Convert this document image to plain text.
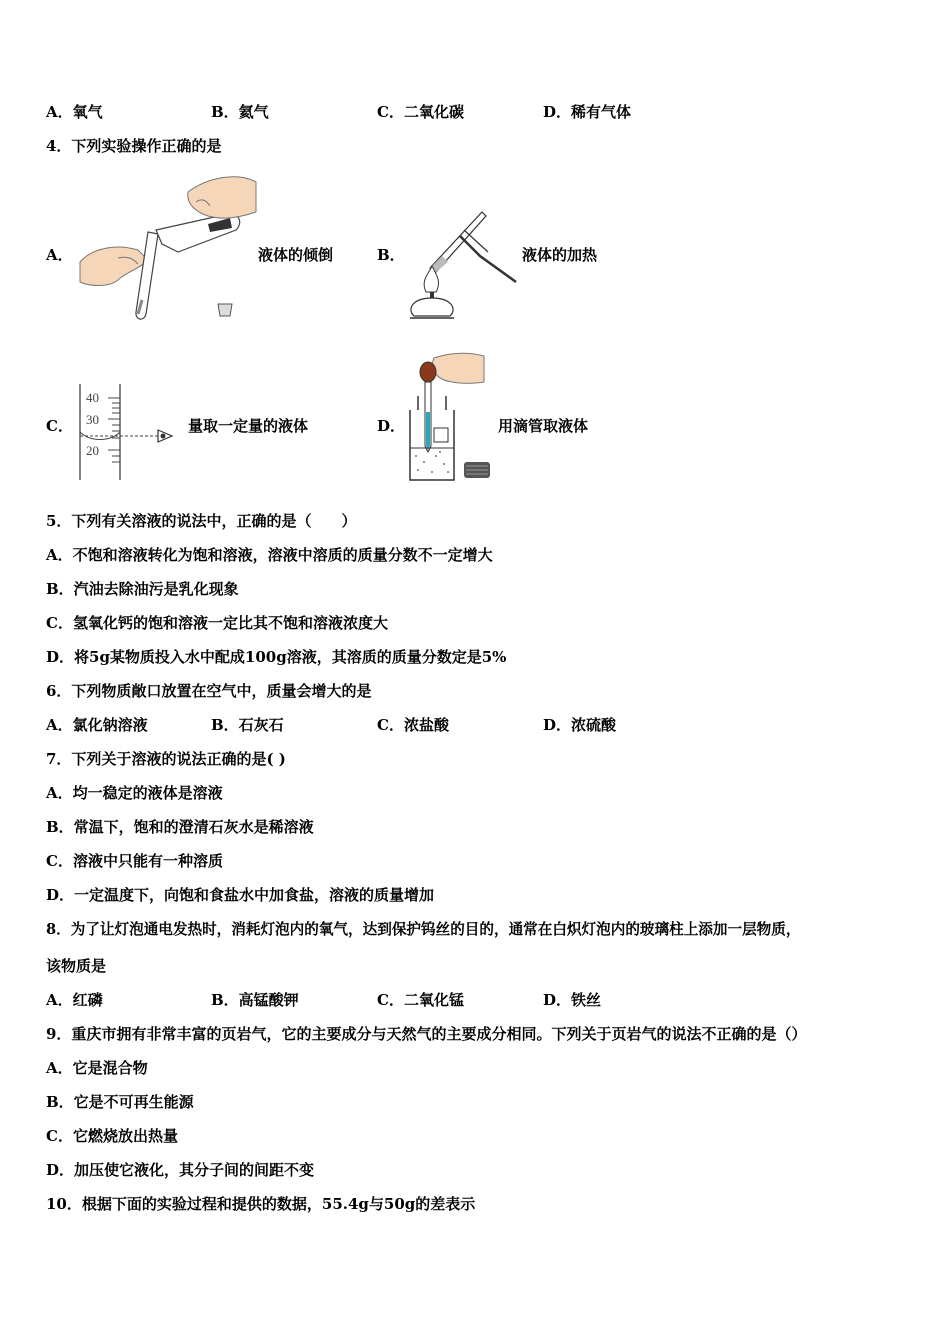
A．氧气	B．氦气	C．二氧化碳	D．稀有气体
4．下列实验操作正确的是
A．	液体的倾倒	B．	液体的加热
C．
40
30
20
量取一定量的液体	D．	用滴管取液体
5．下列有关溶液的说法中，正确的是（　　）
A．不饱和溶液转化为饱和溶液，溶液中溶质的质量分数不一定增大
B．汽油去除油污是乳化现象
C．氢氧化钙的饱和溶液一定比其不饱和溶液浓度大
D．将5g某物质投入水中配成100g溶液，其溶质的质量分数定是5%
6．下列物质敞口放置在空气中，质量会增大的是
A．氯化钠溶液	B．石灰石	C．浓盐酸	D．浓硫酸
7．下列关于溶液的说法正确的是( )
A．均一稳定的液体是溶液
B．常温下，饱和的澄清石灰水是稀溶液
C．溶液中只能有一种溶质
D．一定温度下，向饱和食盐水中加食盐，溶液的质量增加
8．为了让灯泡通电发热时，消耗灯泡内的氧气，达到保护钨丝的目的，通常在白炽灯泡内的玻璃柱上添加一层物质，
该物质是
A．红磷	B．高锰酸钾	C．二氧化锰	D．铁丝
9．重庆市拥有非常丰富的页岩气，它的主要成分与天然气的主要成分相同。下列关于页岩气的说法不正确的是（）
A．它是混合物
B．它是不可再生能源
C．它燃烧放出热量
D．加压使它液化，其分子间的间距不变
10．根据下面的实验过程和提供的数据，55.4g与50g的差表示
